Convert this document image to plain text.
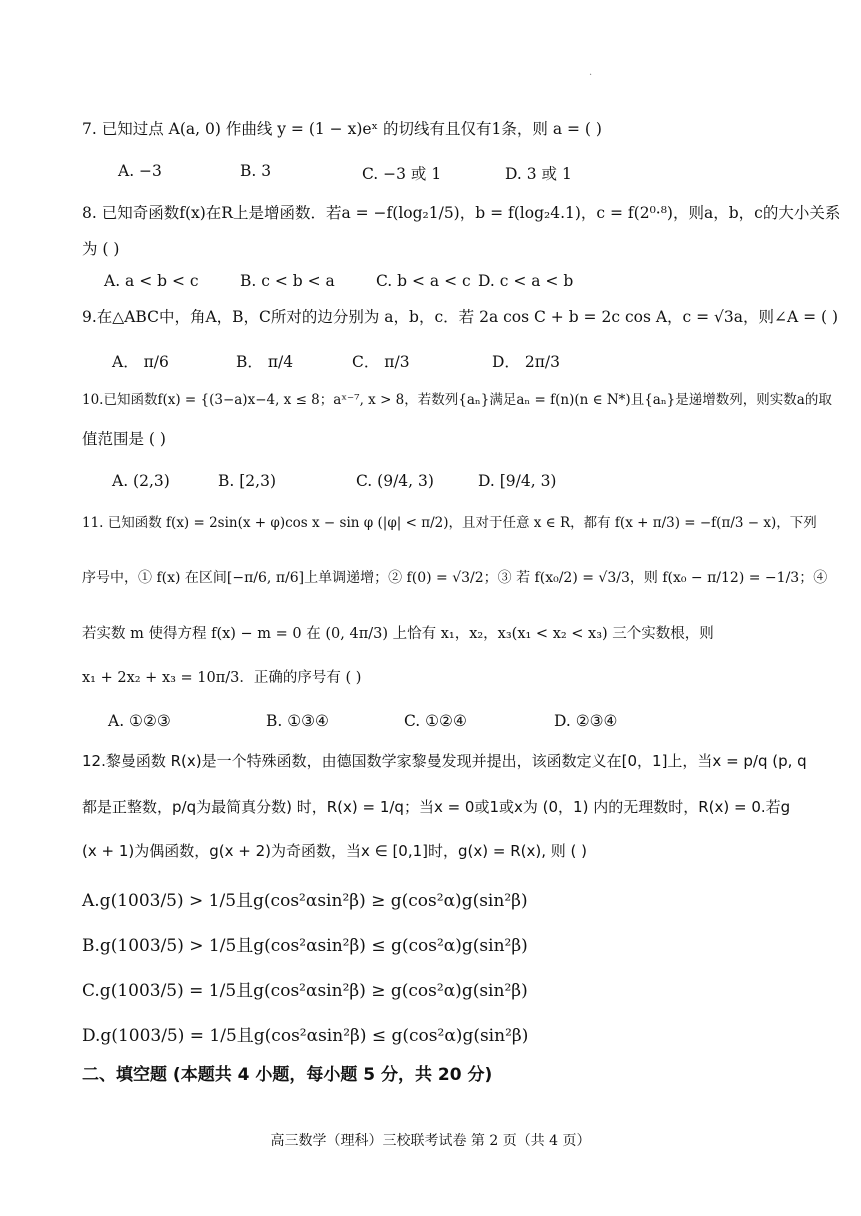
·
7. 已知过点 A(a, 0) 作曲线 y = (1 − x)eˣ 的切线有且仅有1条，则 a = ( )
A. −3	B. 3	C. −3 或 1	D. 3 或 1
8. 已知奇函数f(x)在R上是增函数．若a = −f(log₂1/5)，b = f(log₂4.1)，c = f(2⁰·⁸)，则a，b，c的大小关系
为 ( )
A. a < b < c	B. c < b < a	C. b < a < c D. c < a < b
9.在△ABC中，角A，B，C所对的边分别为 a，b，c．若 2a cos C + b = 2c cos A，c = √3a，则∠A = ( )
A． π/6	B． π/4	C． π/3	D． 2π/3
10.已知函数f(x) = {(3−a)x−4, x ≤ 8；aˣ⁻⁷, x > 8，若数列{aₙ}满足aₙ = f(n)(n ∈ N*)且{aₙ}是递增数列，则实数a的取
值范围是 ( )
A. (2,3)	B. [2,3)	C. (9/4, 3)	D. [9/4, 3)
11. 已知函数 f(x) = 2sin(x + φ)cos x − sin φ (|φ| < π/2)，且对于任意 x ∈ R，都有 f(x + π/3) = −f(π/3 − x)，下列
序号中，① f(x) 在区间[−π/6, π/6]上单调递增；② f(0) = √3/2；③ 若 f(x₀/2) = √3/3，则 f(x₀ − π/12) = −1/3；④
若实数 m 使得方程 f(x) − m = 0 在 (0, 4π/3) 上恰有 x₁，x₂，x₃(x₁ < x₂ < x₃) 三个实数根，则
x₁ + 2x₂ + x₃ = 10π/3．正确的序号有 ( )
A. ①②③	B. ①③④	C. ①②④	D. ②③④
12.黎曼函数 R(x)是一个特殊函数，由德国数学家黎曼发现并提出，该函数定义在[0，1]上，当x = p/q (p, q
都是正整数，p/q为最简真分数) 时，R(x) = 1/q；当x = 0或1或x为 (0，1) 内的无理数时，R(x) = 0.若g
(x + 1)为偶函数，g(x + 2)为奇函数，当x ∈ [0,1]时，g(x) = R(x), 则 ( )
A.g(1003/5) > 1/5且g(cos²αsin²β) ≥ g(cos²α)g(sin²β)
B.g(1003/5) > 1/5且g(cos²αsin²β) ≤ g(cos²α)g(sin²β)
C.g(1003/5) = 1/5且g(cos²αsin²β) ≥ g(cos²α)g(sin²β)
D.g(1003/5) = 1/5且g(cos²αsin²β) ≤ g(cos²α)g(sin²β)
二、填空题 (本题共 4 小题，每小题 5 分，共 20 分)
高三数学（理科）三校联考试卷 第 2 页（共 4 页）
